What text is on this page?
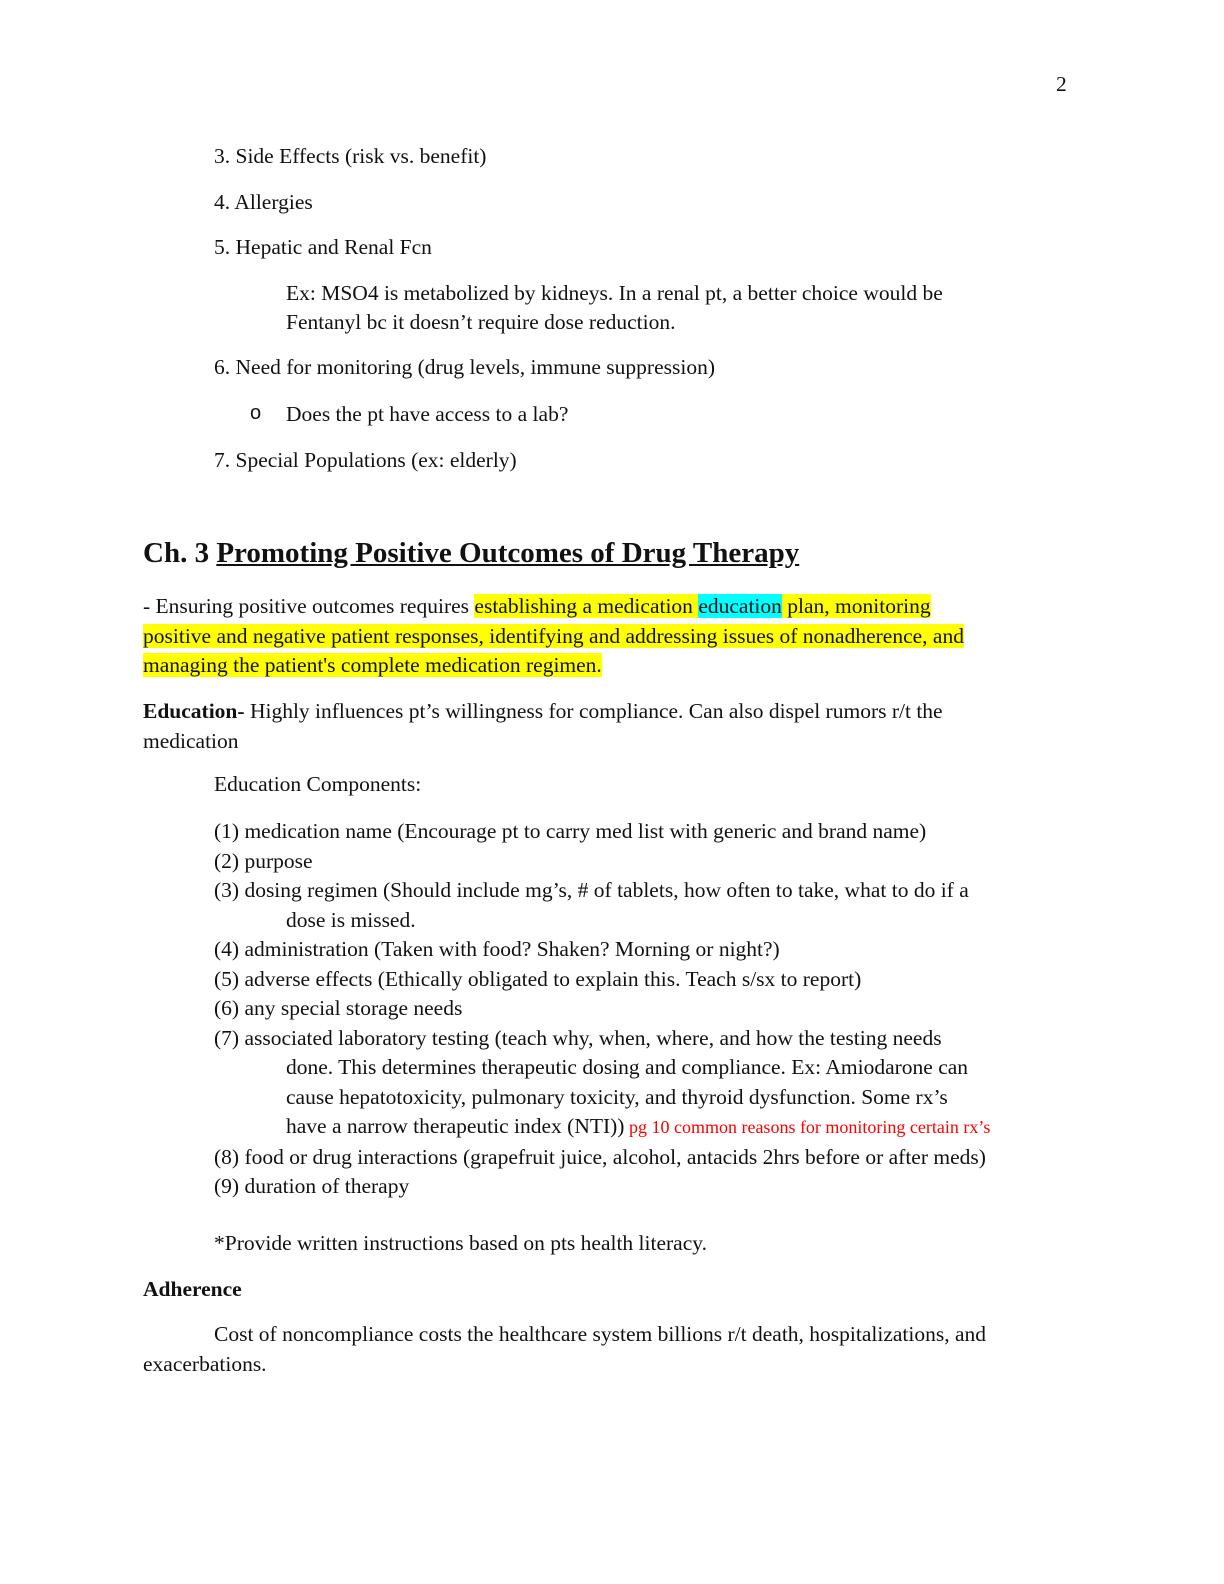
2
3. Side Effects (risk vs. benefit)
4. Allergies
5. Hepatic and Renal Fcn
Ex: MSO4 is metabolized by kidneys. In a renal pt, a better choice would be
Fentanyl bc it doesn’t require dose reduction.
6. Need for monitoring (drug levels, immune suppression)
o Does the pt have access to a lab?
7. Special Populations (ex: elderly)
Ch. 3 Promoting Positive Outcomes of Drug Therapy
- Ensuring positive outcomes requires establishing a medication education plan, monitoring
positive and negative patient responses, identifying and addressing issues of nonadherence, and
managing the patient's complete medication regimen.
Education- Highly influences pt’s willingness for compliance. Can also dispel rumors r/t the
medication
Education Components:
(1) medication name (Encourage pt to carry med list with generic and brand name)
(2) purpose
(3) dosing regimen (Should include mg’s, # of tablets, how often to take, what to do if a
dose is missed.
(4) administration (Taken with food? Shaken? Morning or night?)
(5) adverse effects (Ethically obligated to explain this. Teach s/sx to report)
(6) any special storage needs
(7) associated laboratory testing (teach why, when, where, and how the testing needs
done. This determines therapeutic dosing and compliance. Ex: Amiodarone can
cause hepatotoxicity, pulmonary toxicity, and thyroid dysfunction. Some rx’s
have a narrow therapeutic index (NTI)) pg 10 common reasons for monitoring certain rx’s
(8) food or drug interactions (grapefruit juice, alcohol, antacids 2hrs before or after meds)
(9) duration of therapy
*Provide written instructions based on pts health literacy.
Adherence
Cost of noncompliance costs the healthcare system billions r/t death, hospitalizations, and
exacerbations.
